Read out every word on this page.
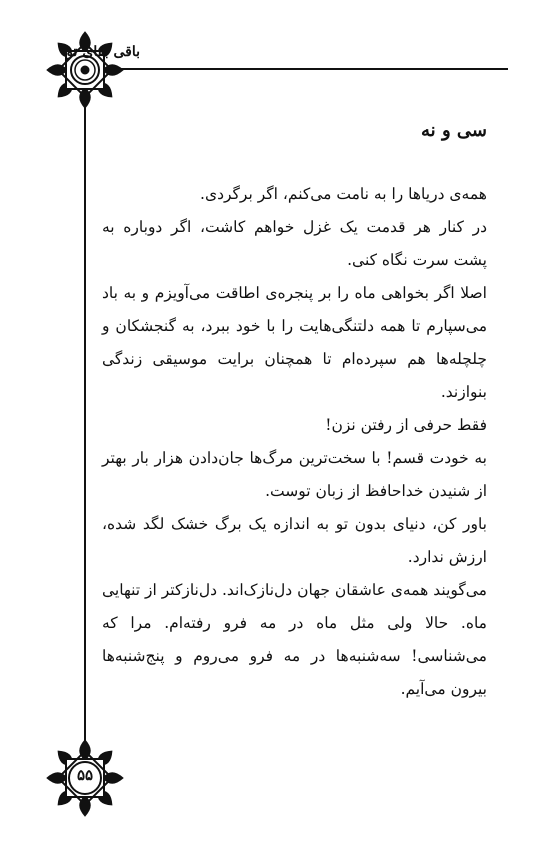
باقی بقای تو
۵۵
سی و نه

همه‌ی دریاها را به نامت می‌کنم، اگر برگردی.

در کنار هر قدمت یک غزل خواهم کاشت، اگر دوباره به پشت سرت نگاه کنی.

اصلا اگر بخواهی ماه را بر پنجره‌ی اطاقت می‌آویزم و به باد می‌سپارم تا همه دلتنگی‌هایت را با خود ببرد، به گنجشکان و چلچله‌ها هم سپرده‌ام تا همچنان برایت موسیقی زندگی بنوازند.

فقط حرفی از رفتن نزن!

به خودت قسم! با سخت‌ترین مرگ‌ها جان‌دادن هزار بار بهتر از شنیدن خداحافظ از زبان توست.

باور کن، دنیای بدون تو به اندازه یک برگ خشک لگد شده، ارزش ندارد.

می‌گویند همه‌ی عاشقان جهان دل‌نازک‌اند. دل‌نازکتر از تنهایی ماه. حالا ولی مثل ماه در مه فرو رفته‌ام. مرا که می‌شناسی! سه‌شنبه‌ها در مه فرو می‌روم و پنج‌شنبه‌ها بیرون می‌آیم.
